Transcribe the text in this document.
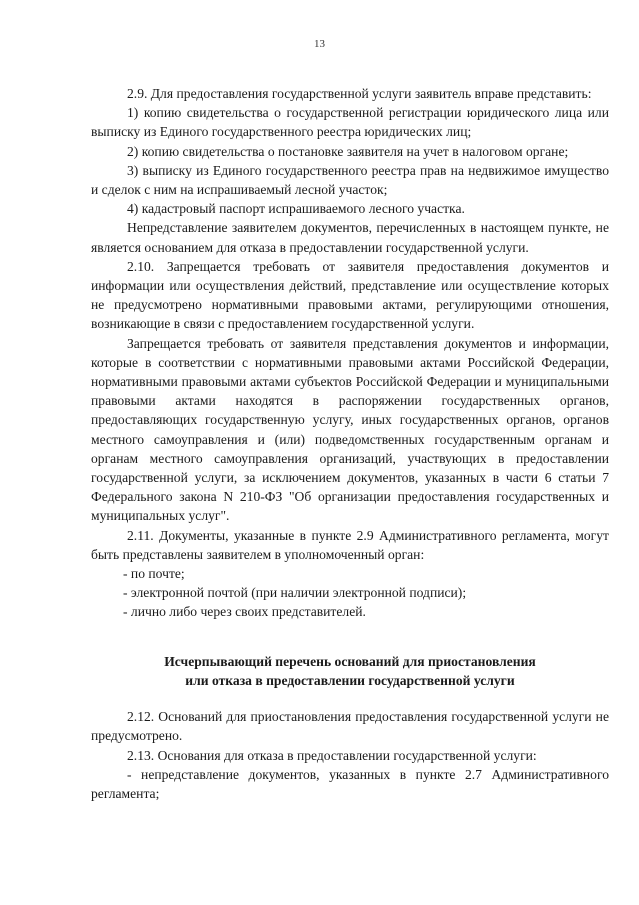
13

2.9. Для предоставления государственной услуги заявитель вправе представить:

1) копию свидетельства о государственной регистрации юридического лица или выписку из Единого государственного реестра юридических лиц;

2) копию свидетельства о постановке заявителя на учет в налоговом органе;

3) выписку из Единого государственного реестра прав на недвижимое имущество и сделок с ним на испрашиваемый лесной участок;

4) кадастровый паспорт испрашиваемого лесного участка.

Непредставление заявителем документов, перечисленных в настоящем пункте, не является основанием для отказа в предоставлении государственной услуги.

2.10. Запрещается требовать от заявителя предоставления документов и информации или осуществления действий, представление или осуществление которых не предусмотрено нормативными правовыми актами, регулирующими отношения, возникающие в связи с предоставлением государственной услуги.

Запрещается требовать от заявителя представления документов и информации, которые в соответствии с нормативными правовыми актами Российской Федерации, нормативными правовыми актами субъектов Российской Федерации и муниципальными правовыми актами находятся в распоряжении государственных органов, предоставляющих государственную услугу, иных государственных органов, органов местного самоуправления и (или) подведомственных государственным органам и органам местного самоуправления организаций, участвующих в предоставлении государственной услуги, за исключением документов, указанных в части 6 статьи 7 Федерального закона N 210-ФЗ "Об организации предоставления государственных и муниципальных услуг".

2.11. Документы, указанные в пункте 2.9 Административного регламента, могут быть представлены заявителем в уполномоченный орган:

- по почте;

- электронной почтой (при наличии электронной подписи);

- лично либо через своих представителей.

Исчерпывающий перечень оснований для приостановления

или отказа в предоставлении государственной услуги

2.12. Оснований для приостановления предоставления государственной услуги не предусмотрено.

2.13. Основания для отказа в предоставлении государственной услуги:

- непредставление документов, указанных в пункте 2.7 Административного регламента;
